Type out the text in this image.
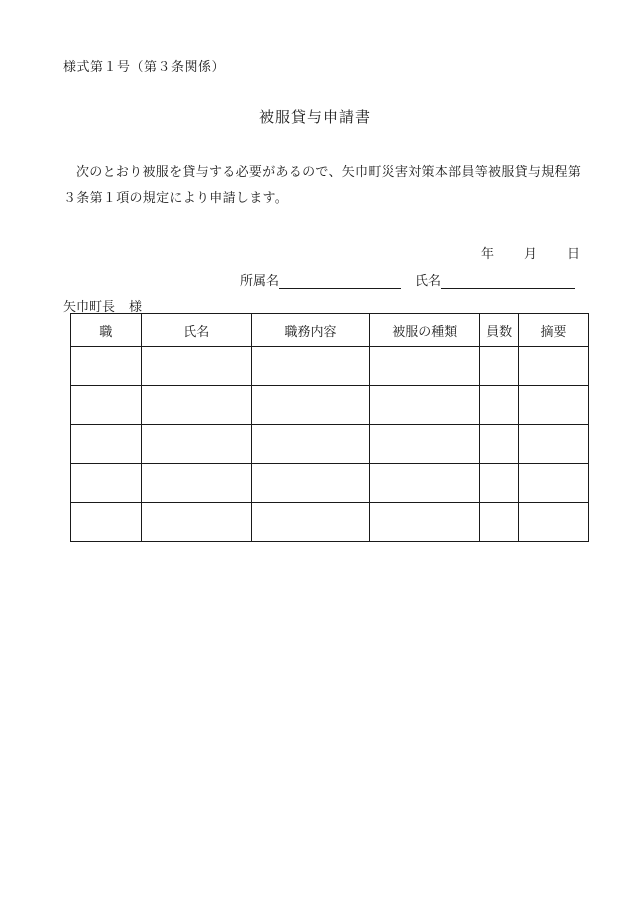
様式第１号（第３条関係）
被服貸与申請書
次のとおり被服を貸与する必要があるので、矢巾町災害対策本部員等被服貸与規程第３条第１項の規定により申請します。
年 月 日
所属名	氏名
矢巾町長 様
職	氏名	職務内容	被服の種類	員数	摘要
